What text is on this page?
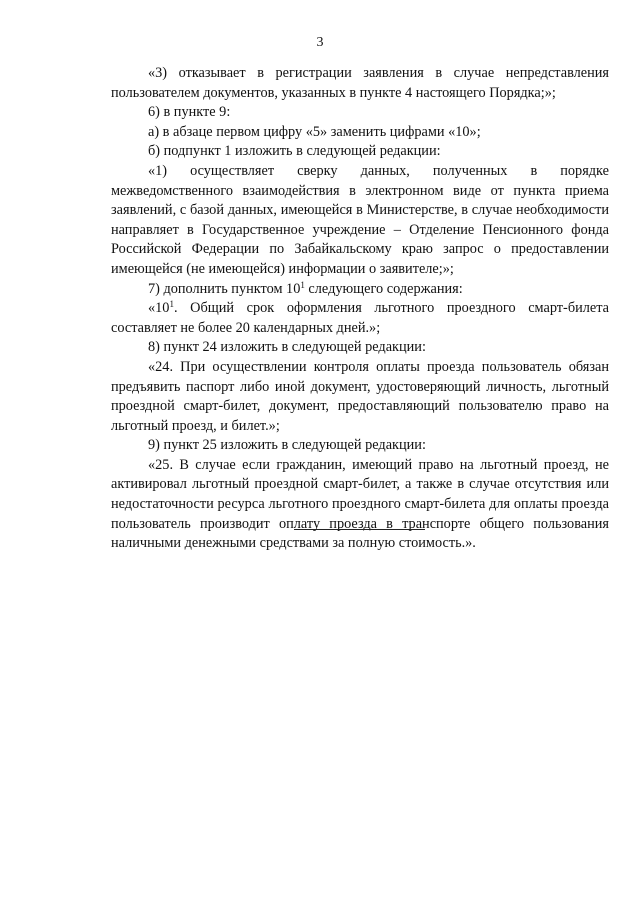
3

«3) отказывает в регистрации заявления в случае непредставления пользователем документов, указанных в пункте 4 настоящего Порядка;»;

6) в пункте 9:

а) в абзаце первом цифру «5» заменить цифрами «10»;

б) подпункт 1 изложить в следующей редакции:

«1) осуществляет сверку данных, полученных в порядке межведомственного взаимодействия в электронном виде от пункта приема заявлений, с базой данных, имеющейся в Министерстве, в случае необходимости направляет в Государственное учреждение – Отделение Пенсионного фонда Российской Федерации по Забайкальскому краю запрос о предоставлении имеющейся (не имеющейся) информации о заявителе;»;

7) дополнить пунктом $10^1$ следующего содержания:

«$10^1$. Общий срок оформления льготного проездного смарт-билета составляет не более 20 календарных дней.»;

8) пункт 24 изложить в следующей редакции:

«24. При осуществлении контроля оплаты проезда пользователь обязан предъявить паспорт либо иной документ, удостоверяющий личность, льготный проездной смарт-билет, документ, предоставляющий пользователю право на льготный проезд, и билет.»;

9) пункт 25 изложить в следующей редакции:

«25. В случае если гражданин, имеющий право на льготный проезд, не активировал льготный проездной смарт-билет, а также в случае отсутствия или недостаточности ресурса льготного проездного смарт-билета для оплаты проезда пользователь производит оплату проезда в транспорте общего пользования наличными денежными средствами за полную стоимость.».
